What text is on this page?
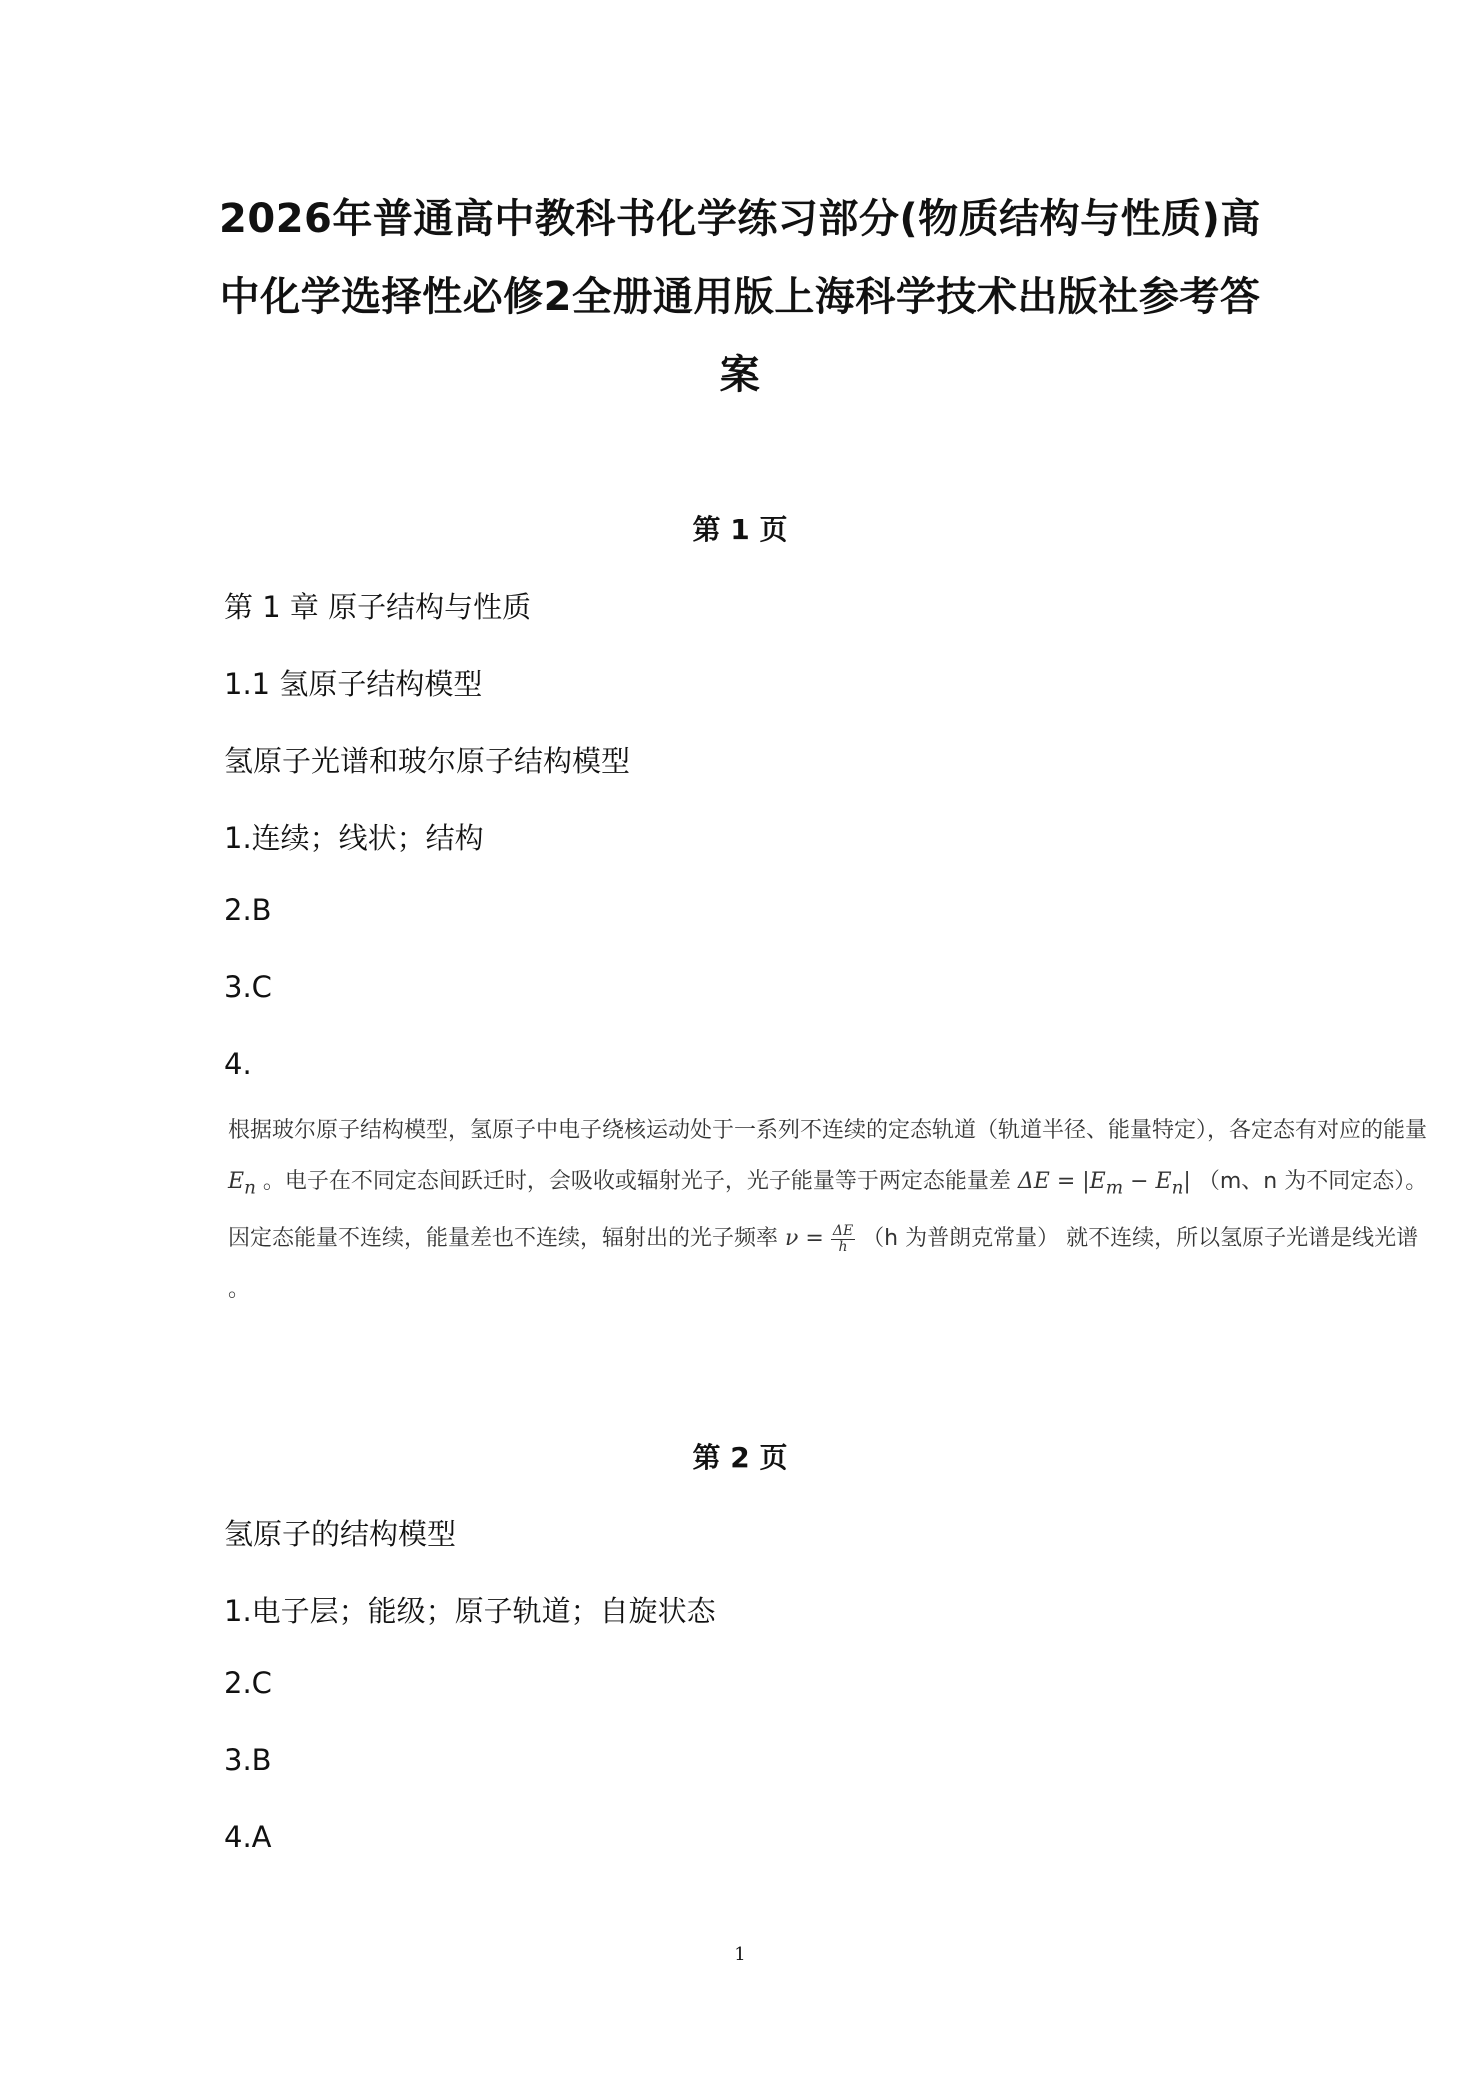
2026年普通高中教科书化学练习部分(物质结构与性质)高
中化学选择性必修2全册通用版上海科学技术出版社参考答
案
第 1 页
第 1 章 原子结构与性质
1.1 氢原子结构模型
氢原子光谱和玻尔原子结构模型
1.连续；线状；结构
2.B
3.C
4.
根据玻尔原子结构模型，氢原子中电子绕核运动处于一系列不连续的定态轨道（轨道半径、能量特定），各定态有对应的能量 $E_n$ 。电子在不同定态间跃迁时，会吸收或辐射光子，光子能量等于两定态能量差 $\Delta E = |E_m - E_n|$ （m、n 为不同定态）。因定态能量不连续，能量差也不连续，辐射出的光子频率 $\nu = \frac{\Delta E}{h} (h$ 为普朗克常量） 就不连续，所以氢原子光谱是线光谱 。
第 2 页
氢原子的结构模型
1.电子层；能级；原子轨道；自旋状态
2.C
3.B
4.A
1
